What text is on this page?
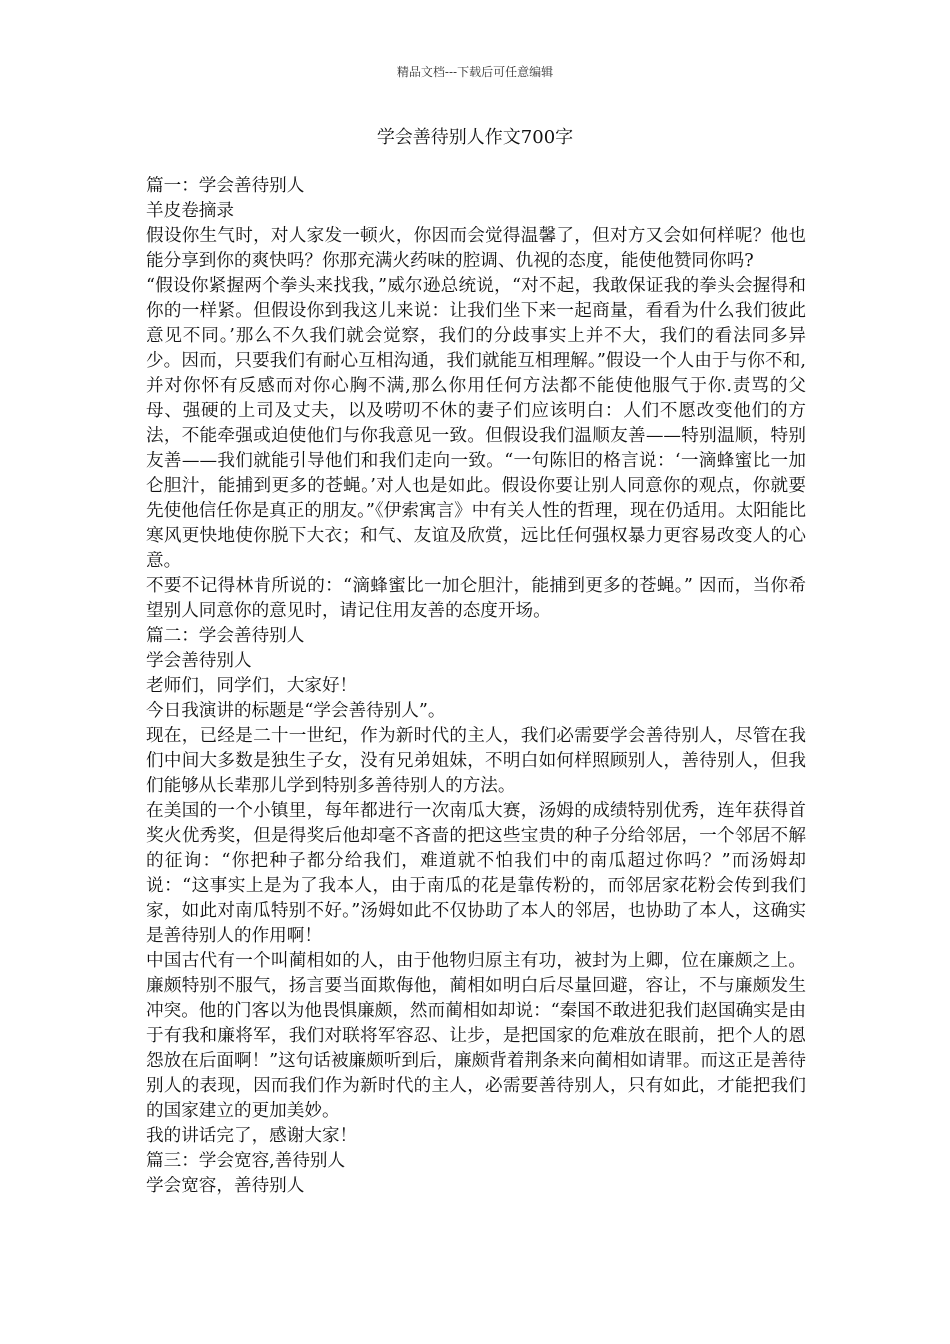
精品文档---下载后可任意编辑
学会善待别人作文700字

篇一：学会善待别人

羊皮卷摘录

假设你生气时，对人家发一顿火，你因而会觉得温馨了，但对方又会如何样呢？他也能分享到你的爽快吗？你那充满火药味的腔调、仇视的态度，能使他赞同你吗?

“假设你紧握两个拳头来找我，”威尔逊总统说，“对不起，我敢保证我的拳头会握得和你的一样紧。但假设你到我这儿来说：让我们坐下来一起商量，看看为什么我们彼此意见不同。’那么不久我们就会觉察，我们的分歧事实上并不大，我们的看法同多异少。因而，只要我们有耐心互相沟通，我们就能互相理解。”假设一个人由于与你不和,并对你怀有反感而对你心胸不满,那么你用任何方法都不能使他服气于你.责骂的父母、强硬的上司及丈夫，以及唠叨不休的妻子们应该明白：人们不愿改变他们的方法，不能牵强或迫使他们与你我意见一致。但假设我们温顺友善——特别温顺，特别友善——我们就能引导他们和我们走向一致。“一句陈旧的格言说：‘一滴蜂蜜比一加仑胆汁，能捕到更多的苍蝇。’对人也是如此。假设你要让别人同意你的观点，你就要先使他信任你是真正的朋友。”《伊索寓言》中有关人性的哲理，现在仍适用。太阳能比寒风更快地使你脱下大衣；和气、友谊及欣赏，远比任何强权暴力更容易改变人的心意。

不要不记得林肯所说的：“滴蜂蜜比一加仑胆汁，能捕到更多的苍蝇。” 因而，当你希望别人同意你的意见时，请记住用友善的态度开场。

篇二：学会善待别人

学会善待别人

老师们，同学们，大家好！

今日我演讲的标题是“学会善待别人”。

现在，已经是二十一世纪，作为新时代的主人，我们必需要学会善待别人，尽管在我们中间大多数是独生子女，没有兄弟姐妹，不明白如何样照顾别人，善待别人，但我们能够从长辈那儿学到特别多善待别人的方法。

在美国的一个小镇里，每年都进行一次南瓜大赛，汤姆的成绩特别优秀，连年获得首奖火优秀奖，但是得奖后他却毫不吝啬的把这些宝贵的种子分给邻居，一个邻居不解的征询：“你把种子都分给我们，难道就不怕我们中的南瓜超过你吗？”而汤姆却说：“这事实上是为了我本人，由于南瓜的花是靠传粉的，而邻居家花粉会传到我们家，如此对南瓜特别不好。”汤姆如此不仅协助了本人的邻居，也协助了本人，这确实是善待别人的作用啊！

中国古代有一个叫蔺相如的人，由于他物归原主有功，被封为上卿，位在廉颇之上。廉颇特别不服气，扬言要当面欺侮他，蔺相如明白后尽量回避，容让，不与廉颇发生冲突。他的门客以为他畏惧廉颇，然而蔺相如却说：“秦国不敢进犯我们赵国确实是由于有我和廉将军，我们对联将军容忍、让步，是把国家的危难放在眼前，把个人的恩怨放在后面啊！”这句话被廉颇听到后，廉颇背着荆条来向蔺相如请罪。而这正是善待别人的表现，因而我们作为新时代的主人，必需要善待别人，只有如此，才能把我们的国家建立的更加美妙。

我的讲话完了，感谢大家！

篇三：学会宽容,善待别人

学会宽容，善待别人
